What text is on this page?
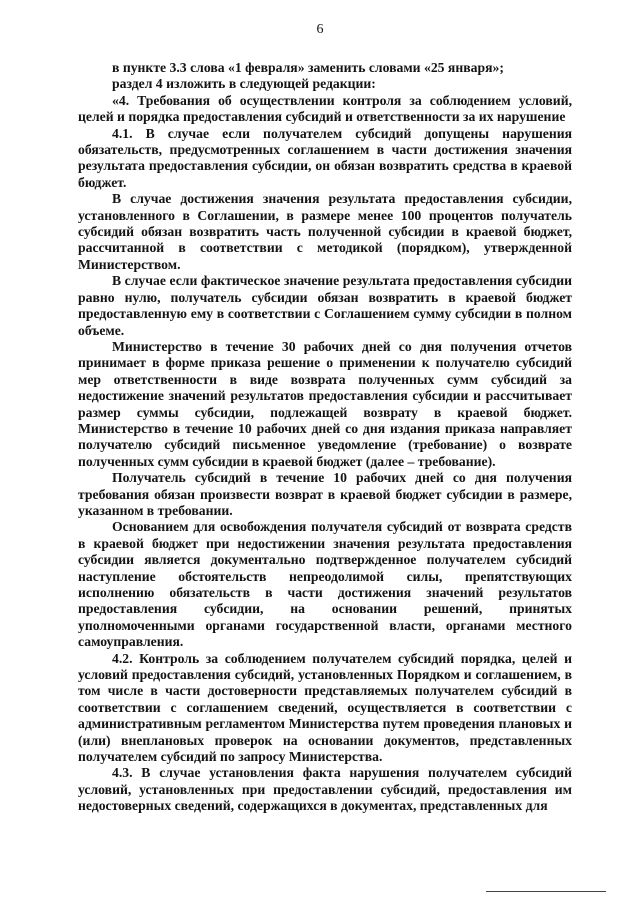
6

в пункте 3.3 слова «1 февраля» заменить словами «25 января»;

раздел 4 изложить в следующей редакции:

«4. Требования об осуществлении контроля за соблюдением условий, целей и порядка предоставления субсидий и ответственности за их нарушение

4.1. В случае если получателем субсидий допущены нарушения обязательств, предусмотренных соглашением в части достижения значения результата предоставления субсидии, он обязан возвратить средства в краевой бюджет.

В случае достижения значения результата предоставления субсидии, установленного в Соглашении, в размере менее 100 процентов получатель субсидий обязан возвратить часть полученной субсидии в краевой бюджет, рассчитанной в соответствии с методикой (порядком), утвержденной Министерством.

В случае если фактическое значение результата предоставления субсидии равно нулю, получатель субсидии обязан возвратить в краевой бюджет предоставленную ему в соответствии с Соглашением сумму субсидии в полном объеме.

Министерство в течение 30 рабочих дней со дня получения отчетов принимает в форме приказа решение о применении к получателю субсидий мер ответственности в виде возврата полученных сумм субсидий за недостижение значений результатов предоставления субсидии и рассчитывает размер суммы субсидии, подлежащей возврату в краевой бюджет. Министерство в течение 10 рабочих дней со дня издания приказа направляет получателю субсидий письменное уведомление (требование) о возврате полученных сумм субсидии в краевой бюджет (далее – требование).

Получатель субсидий в течение 10 рабочих дней со дня получения требования обязан произвести возврат в краевой бюджет субсидии в размере, указанном в требовании.

Основанием для освобождения получателя субсидий от возврата средств в краевой бюджет при недостижении значения результата предоставления субсидии является документально подтвержденное получателем субсидий наступление обстоятельств непреодолимой силы, препятствующих исполнению обязательств в части достижения значений результатов предоставления субсидии, на основании решений, принятых уполномоченными органами государственной власти, органами местного самоуправления.

4.2. Контроль за соблюдением получателем субсидий порядка, целей и условий предоставления субсидий, установленных Порядком и соглашением, в том числе в части достоверности представляемых получателем субсидий в соответствии с соглашением сведений, осуществляется в соответствии с административным регламентом Министерства путем проведения плановых и (или) внеплановых проверок на основании документов, представленных получателем субсидий по запросу Министерства.

4.3. В случае установления факта нарушения получателем субсидий условий, установленных при предоставлении субсидий, предоставления им недостоверных сведений, содержащихся в документах, представленных для
